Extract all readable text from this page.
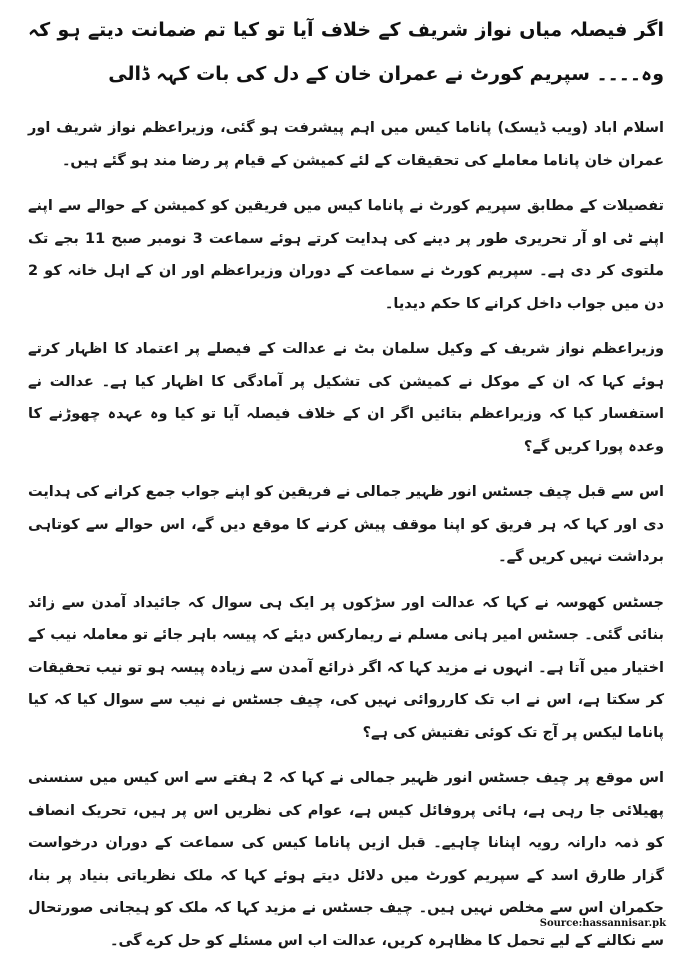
اگر فیصلہ میاں نواز شریف کے خلاف آیا تو کیا تم ضمانت دیتے ہو کہ وہ۔۔۔۔ سپریم کورٹ نے عمران خان کے دل کی بات کہہ ڈالی

اسلام اباد (ویب ڈیسک) پاناما کیس میں اہم پیشرفت ہو گئی، وزیراعظم نواز شریف اور عمران خان پاناما معاملے کی تحقیقات کے لئے کمیشن کے قیام پر رضا مند ہو گئے ہیں۔

تفصیلات کے مطابق سپریم کورٹ نے پاناما کیس میں فریقین کو کمیشن کے حوالے سے اپنے اپنے ٹی او آر تحریری طور پر دینے کی ہدایت کرتے ہوئے سماعت 3 نومبر صبح 11 بجے تک ملتوی کر دی ہے۔ سپریم کورٹ نے سماعت کے دوران وزیراعظم اور ان کے اہل خانہ کو 2 دن میں جواب داخل کرانے کا حکم دیدیا۔

وزیراعظم نواز شریف کے وکیل سلمان بٹ نے عدالت کے فیصلے پر اعتماد کا اظہار کرتے ہوئے کہا کہ ان کے موکل نے کمیشن کی تشکیل پر آمادگی کا اظہار کیا ہے۔ عدالت نے استفسار کیا کہ وزیراعظم بتائیں اگر ان کے خلاف فیصلہ آیا تو کیا وہ عہدہ چھوڑنے کا وعدہ پورا کریں گے؟

اس سے قبل چیف جسٹس انور ظہیر جمالی نے فریقین کو اپنے جواب جمع کرانے کی ہدایت دی اور کہا کہ ہر فریق کو اپنا موقف پیش کرنے کا موقع دیں گے، اس حوالے سے کوتاہی برداشت نہیں کریں گے۔

جسٹس کھوسہ نے کہا کہ عدالت اور سڑکوں پر ایک ہی سوال کہ جائیداد آمدن سے زائد بنائی گئی۔ جسٹس امیر ہانی مسلم نے ریمارکس دیئے کہ پیسہ باہر جائے تو معاملہ نیب کے اختیار میں آتا ہے۔ انہوں نے مزید کہا کہ اگر ذرائع آمدن سے زیادہ پیسہ ہو تو نیب تحقیقات کر سکتا ہے، اس نے اب تک کارروائی نہیں کی، چیف جسٹس نے نیب سے سوال کیا کہ کیا پاناما لیکس پر آج تک کوئی تفتیش کی ہے؟

اس موقع پر چیف جسٹس انور ظہیر جمالی نے کہا کہ 2 ہفتے سے اس کیس میں سنسنی پھیلائی جا رہی ہے، ہائی پروفائل کیس ہے، عوام کی نظریں اس پر ہیں، تحریک انصاف کو ذمہ دارانہ رویہ اپنانا چاہیے۔ قبل ازیں پاناما کیس کی سماعت کے دوران درخواست گزار طارق اسد کے سپریم کورٹ میں دلائل دیتے ہوئے کہا کہ ملک نظریاتی بنیاد پر بنا، حکمران اس سے مخلص نہیں ہیں۔ چیف جسٹس نے مزید کہا کہ ملک کو ہیجانی صورتحال سے نکالنے کے لیے تحمل کا مظاہرہ کریں، عدالت اب اس مسئلے کو حل کرے گی۔

Source:hassannisar.pk
